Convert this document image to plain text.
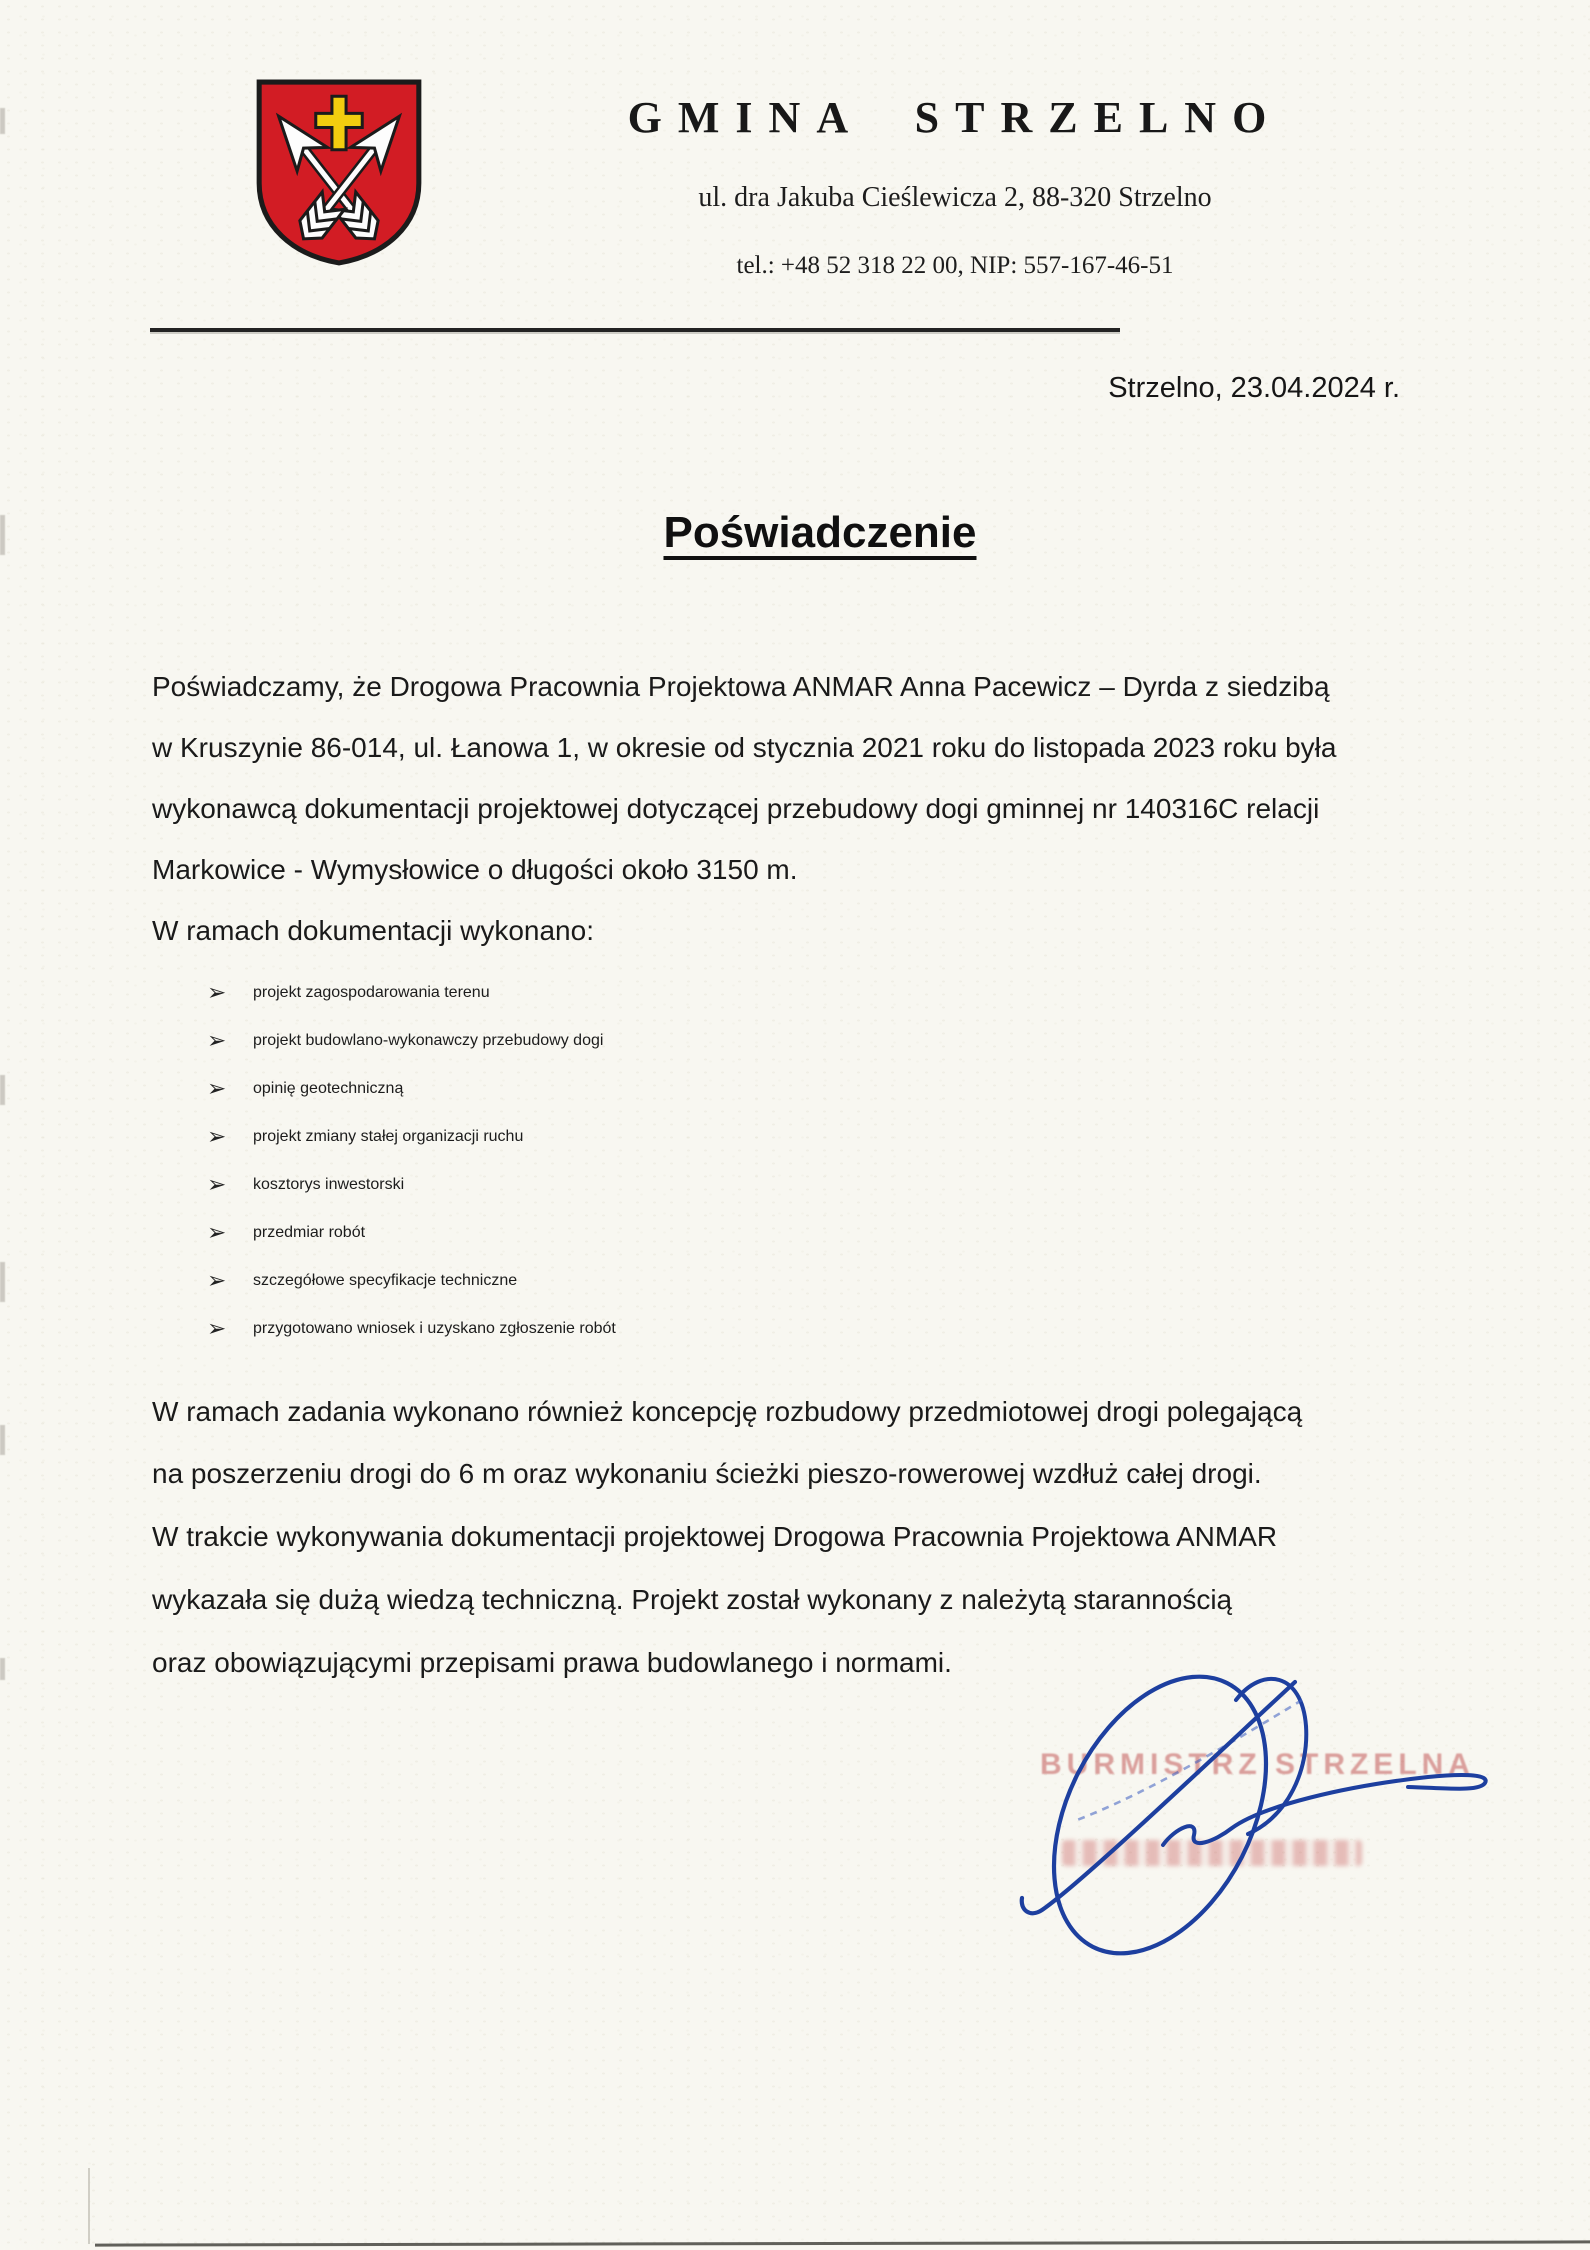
GMINA STRZELNO
ul. dra Jakuba Cieślewicza 2, 88-320 Strzelno
tel.: +48 52 318 22 00, NIP: 557-167-46-51
Strzelno, 23.04.2024 r.
Poświadczenie
Poświadczamy, że Drogowa Pracownia Projektowa ANMAR Anna Pacewicz – Dyrda z siedzibą
w Kruszynie 86-014, ul. Łanowa 1, w okresie od stycznia 2021 roku do listopada 2023 roku była
wykonawcą dokumentacji projektowej dotyczącej przebudowy dogi gminnej nr 140316C relacji
Markowice - Wymysłowice o długości około 3150 m.
W ramach dokumentacji wykonano:
➢	projekt zagospodarowania terenu
➢	projekt budowlano-wykonawczy przebudowy dogi
➢	opinię geotechniczną
➢	projekt zmiany stałej organizacji ruchu
➢	kosztorys inwestorski
➢	przedmiar robót
➢	szczegółowe specyfikacje techniczne
➢	przygotowano wniosek i uzyskano zgłoszenie robót
W ramach zadania wykonano również koncepcję rozbudowy przedmiotowej drogi polegającą
na poszerzeniu drogi do 6 m oraz wykonaniu ścieżki pieszo-rowerowej wzdłuż całej drogi.
W trakcie wykonywania dokumentacji projektowej Drogowa Pracownia Projektowa ANMAR
wykazała się dużą wiedzą techniczną. Projekt został wykonany z należytą starannością
oraz obowiązującymi przepisami prawa budowlanego i normami.
BURMISTRZ STRZELNA
